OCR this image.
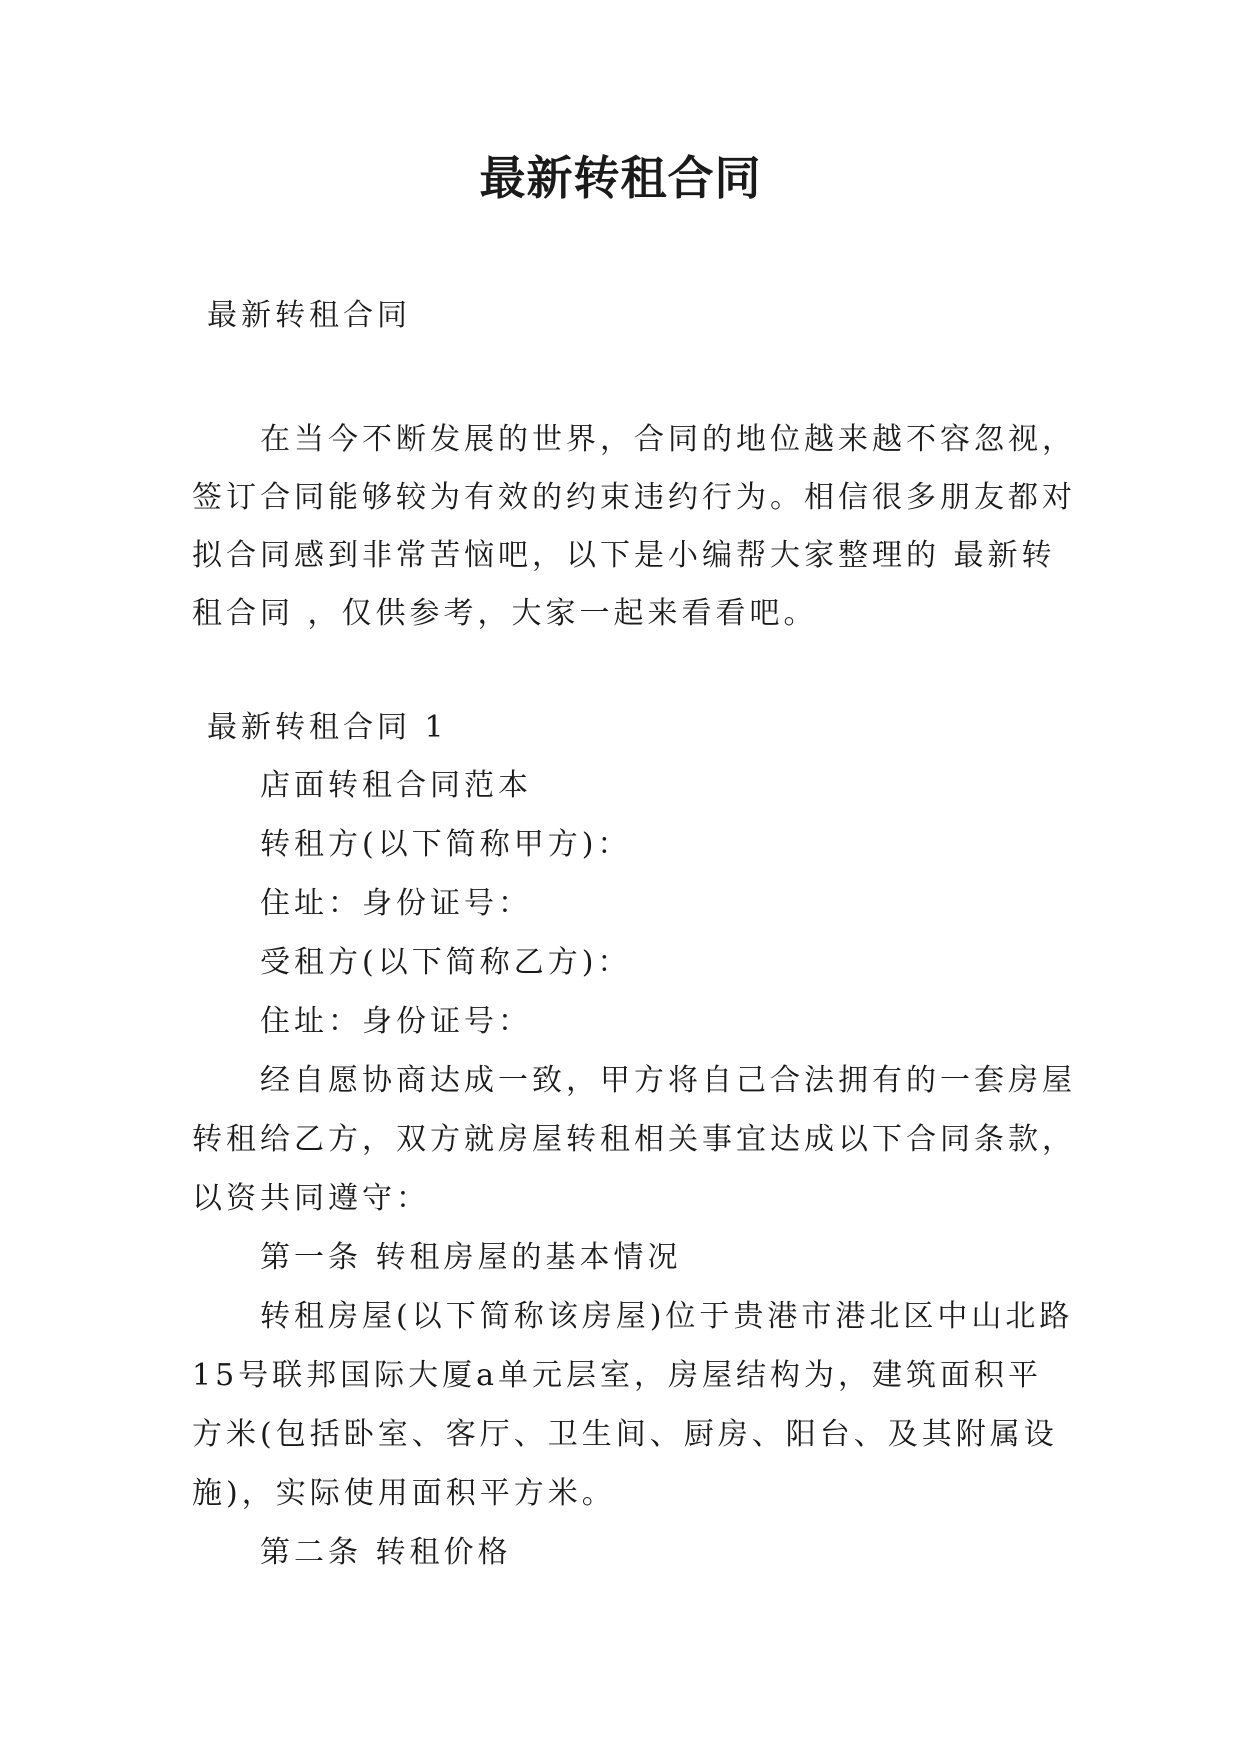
最新转租合同
最新转租合同

在当今不断发展的世界，合同的地位越来越不容忽视，签订合同能够较为有效的约束违约行为。相信很多朋友都对拟合同感到非常苦恼吧，以下是小编帮大家整理的 最新转租合同 ，仅供参考，大家一起来看看吧。

最新转租合同 1

店面转租合同范本

转租方(以下简称甲方)：

住址：身份证号：

受租方(以下简称乙方)：

住址：身份证号：

经自愿协商达成一致，甲方将自己合法拥有的一套房屋转租给乙方，双方就房屋转租相关事宜达成以下合同条款，以资共同遵守：

第一条 转租房屋的基本情况

转租房屋(以下简称该房屋)位于贵港市港北区中山北路15号联邦国际大厦a单元层室，房屋结构为，建筑面积平方米(包括卧室、客厅、卫生间、厨房、阳台、及其附属设施)，实际使用面积平方米。

第二条 转租价格
